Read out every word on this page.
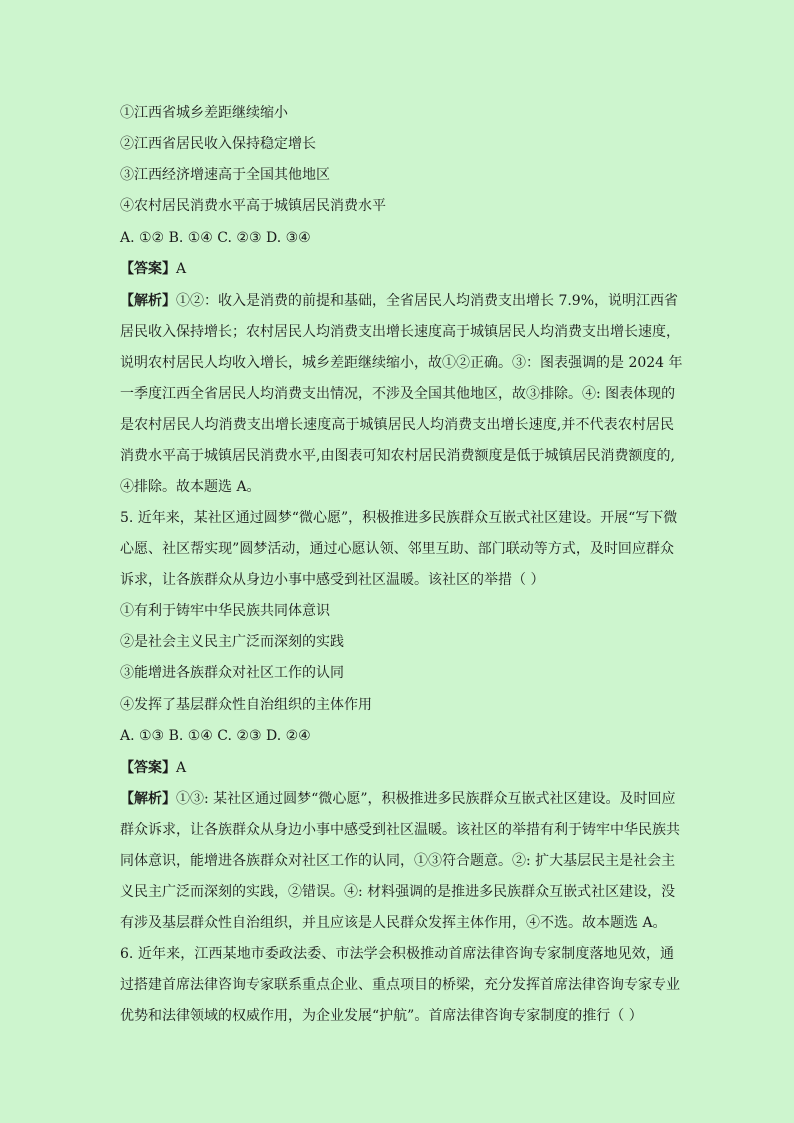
①江西省城乡差距继续缩小
②江西省居民收入保持稳定增长
③江西经济增速高于全国其他地区
④农村居民消费水平高于城镇居民消费水平
A. ①② B. ①④ C. ②③ D. ③④
【答案】A
【解析】①②：收入是消费的前提和基础，全省居民人均消费支出增长 7.9%，说明江西省
居民收入保持增长；农村居民人均消费支出增长速度高于城镇居民人均消费支出增长速度，
说明农村居民人均收入增长，城乡差距继续缩小，故①②正确。③：图表强调的是 2024 年
一季度江西全省居民人均消费支出情况，不涉及全国其他地区，故③排除。④: 图表体现的
是农村居民人均消费支出增长速度高于城镇居民人均消费支出增长速度,并不代表农村居民
消费水平高于城镇居民消费水平,由图表可知农村居民消费额度是低于城镇居民消费额度的,
④排除。故本题选 A。
5. 近年来，某社区通过圆梦“微心愿”，积极推进多民族群众互嵌式社区建设。开展“写下微
心愿、社区帮实现”圆梦活动，通过心愿认领、邻里互助、部门联动等方式，及时回应群众
诉求，让各族群众从身边小事中感受到社区温暖。该社区的举措（ ）
①有利于铸牢中华民族共同体意识
②是社会主义民主广泛而深刻的实践
③能增进各族群众对社区工作的认同
④发挥了基层群众性自治组织的主体作用
A. ①③ B. ①④ C. ②③ D. ②④
【答案】A
【解析】①③: 某社区通过圆梦“微心愿”，积极推进多民族群众互嵌式社区建设。及时回应
群众诉求，让各族群众从身边小事中感受到社区温暖。该社区的举措有利于铸牢中华民族共
同体意识，能增进各族群众对社区工作的认同，①③符合题意。②: 扩大基层民主是社会主
义民主广泛而深刻的实践，②错误。④: 材料强调的是推进多民族群众互嵌式社区建设，没
有涉及基层群众性自治组织，并且应该是人民群众发挥主体作用，④不选。故本题选 A。
6. 近年来，江西某地市委政法委、市法学会积极推动首席法律咨询专家制度落地见效，通
过搭建首席法律咨询专家联系重点企业、重点项目的桥梁，充分发挥首席法律咨询专家专业
优势和法律领域的权威作用，为企业发展“护航”。首席法律咨询专家制度的推行（ ）
